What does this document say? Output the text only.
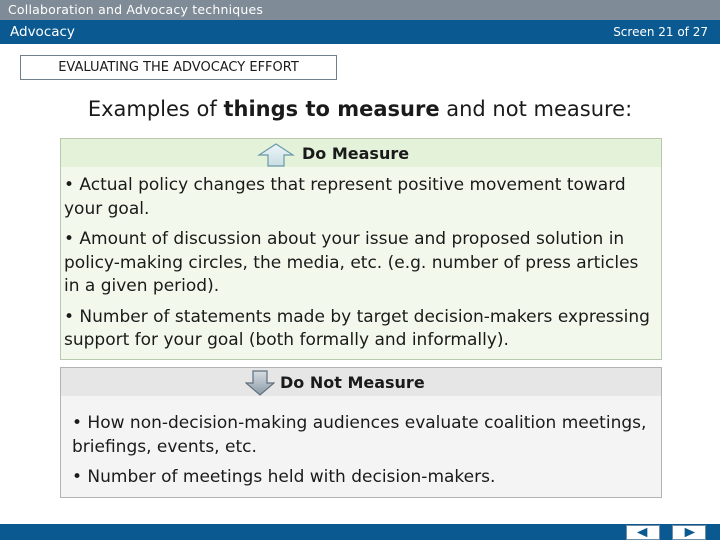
Collaboration and Advocacy techniques
Advocacy	Screen 21 of 27
EVALUATING THE ADVOCACY EFFORT
Examples of things to measure and not measure:
Do Measure

• Actual policy changes that represent positive movement toward your goal.

• Amount of discussion about your issue and proposed solution in policy-making circles, the media, etc. (e.g. number of press articles in a given period).

• Number of statements made by target decision-makers expressing support for your goal (both formally and informally).

Do Not Measure

• How non-decision-making audiences evaluate coalition meetings, briefings, events, etc.

• Number of meetings held with decision-makers.
